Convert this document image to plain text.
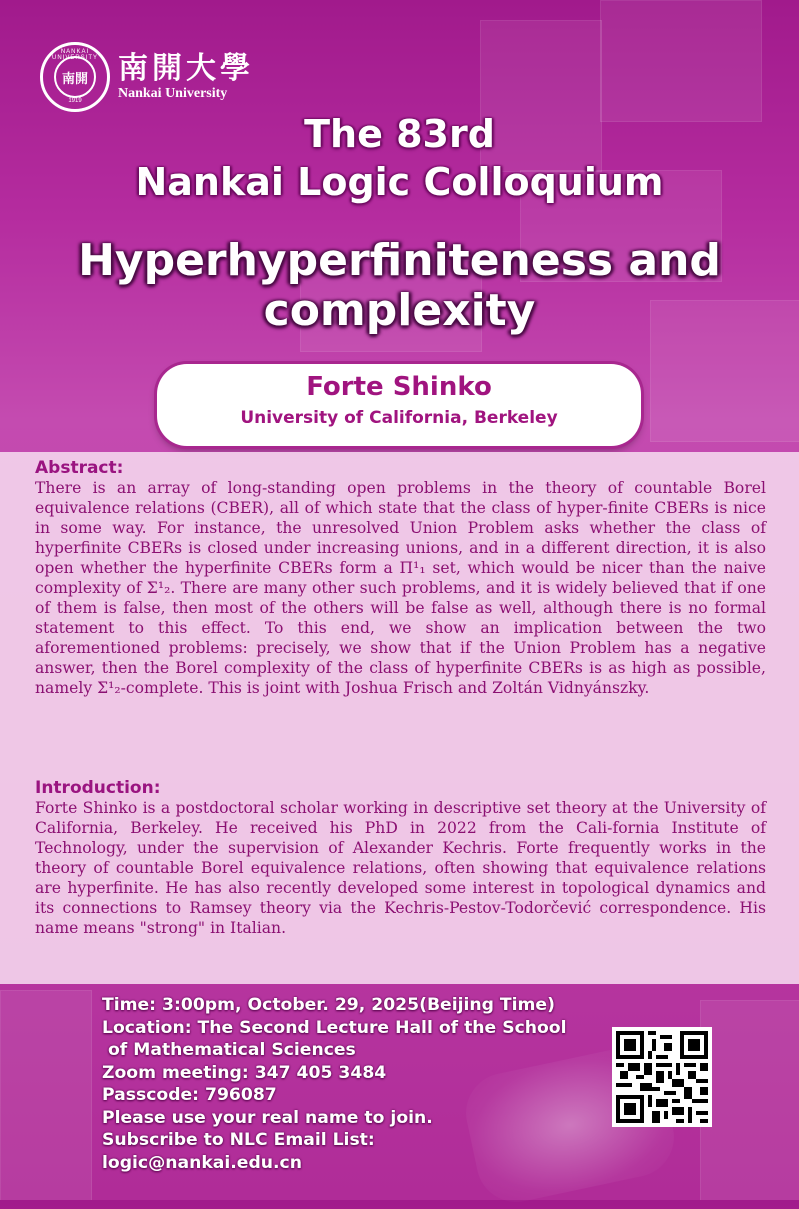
NANKAI UNIVERSITY
南開
1919
南開大學
Nankai University
The 83rd
Nankai Logic Colloquium
Hyperhyperfiniteness and
complexity
Forte Shinko
University of California, Berkeley
Abstract:
There is an array of long-standing open problems in the theory of countable Borel equivalence relations (CBER), all of which state that the class of hyper-finite CBERs is nice in some way. For instance, the unresolved Union Problem asks whether the class of hyperfinite CBERs is closed under increasing unions, and in a different direction, it is also open whether the hyperfinite CBERs form a Π¹₁ set, which would be nicer than the naive complexity of Σ¹₂. There are many other such problems, and it is widely believed that if one of them is false, then most of the others will be false as well, although there is no formal statement to this effect. To this end, we show an implication between the two aforementioned problems: precisely, we show that if the Union Problem has a negative answer, then the Borel complexity of the class of hyperfinite CBERs is as high as possible, namely Σ¹₂-complete. This is joint with Joshua Frisch and Zoltán Vidnyánszky.
Introduction:
Forte Shinko is a postdoctoral scholar working in descriptive set theory at the University of California, Berkeley. He received his PhD in 2022 from the Cali-fornia Institute of Technology, under the supervision of Alexander Kechris. Forte frequently works in the theory of countable Borel equivalence relations, often showing that equivalence relations are hyperfinite. He has also recently developed some interest in topological dynamics and its connections to Ramsey theory via the Kechris-Pestov-Todorčević correspondence. His name means "strong" in Italian.
Time: 3:00pm, October. 29, 2025(Beijing Time)
Location: The Second Lecture Hall of the School
of Mathematical Sciences
Zoom meeting: 347 405 3484
Passcode: 796087
Please use your real name to join.
Subscribe to NLC Email List:
logic@nankai.edu.cn
